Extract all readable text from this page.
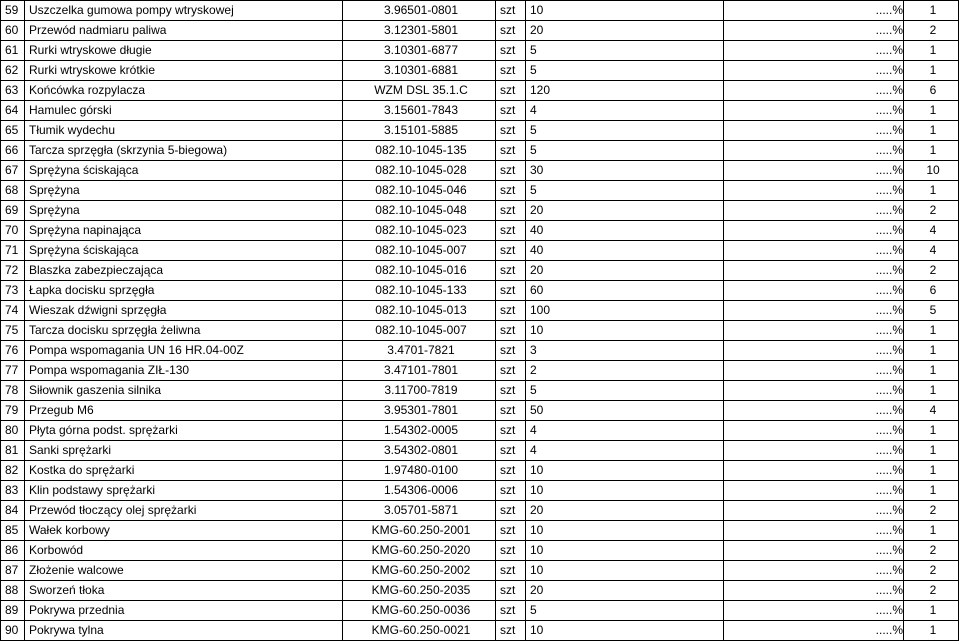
59	Uszczelka gumowa pompy wtryskowej	3.96501-0801	szt	10	.....%	1
60	Przewód nadmiaru paliwa	3.12301-5801	szt	20	.....%	2
61	Rurki wtryskowe długie	3.10301-6877	szt	5	.....%	1
62	Rurki wtryskowe krótkie	3.10301-6881	szt	5	.....%	1
63	Końcówka rozpylacza	WZM DSL 35.1.C	szt	120	.....%	6
64	Hamulec górski	3.15601-7843	szt	4	.....%	1
65	Tłumik wydechu	3.15101-5885	szt	5	.....%	1
66	Tarcza sprzęgła (skrzynia 5-biegowa)	082.10-1045-135	szt	5	.....%	1
67	Sprężyna ściskająca	082.10-1045-028	szt	30	.....%	10
68	Sprężyna	082.10-1045-046	szt	5	.....%	1
69	Sprężyna	082.10-1045-048	szt	20	.....%	2
70	Sprężyna napinająca	082.10-1045-023	szt	40	.....%	4
71	Sprężyna ściskająca	082.10-1045-007	szt	40	.....%	4
72	Blaszka zabezpieczająca	082.10-1045-016	szt	20	.....%	2
73	Łapka docisku sprzęgła	082.10-1045-133	szt	60	.....%	6
74	Wieszak dźwigni sprzęgła	082.10-1045-013	szt	100	.....%	5
75	Tarcza docisku sprzęgła żeliwna	082.10-1045-007	szt	10	.....%	1
76	Pompa wspomagania UN 16 HR.04-00Z	3.4701-7821	szt	3	.....%	1
77	Pompa wspomagania ZIŁ-130	3.47101-7801	szt	2	.....%	1
78	Siłownik gaszenia silnika	3.11700-7819	szt	5	.....%	1
79	Przegub M6	3.95301-7801	szt	50	.....%	4
80	Płyta górna podst. sprężarki	1.54302-0005	szt	4	.....%	1
81	Sanki sprężarki	3.54302-0801	szt	4	.....%	1
82	Kostka do sprężarki	1.97480-0100	szt	10	.....%	1
83	Klin podstawy sprężarki	1.54306-0006	szt	10	.....%	1
84	Przewód tłoczący olej sprężarki	3.05701-5871	szt	20	.....%	2
85	Wałek korbowy	KMG-60.250-2001	szt	10	.....%	1
86	Korbowód	KMG-60.250-2020	szt	10	.....%	2
87	Złożenie walcowe	KMG-60.250-2002	szt	10	.....%	2
88	Sworzeń tłoka	KMG-60.250-2035	szt	20	.....%	2
89	Pokrywa przednia	KMG-60.250-0036	szt	5	.....%	1
90	Pokrywa tylna	KMG-60.250-0021	szt	10	.....%	1
